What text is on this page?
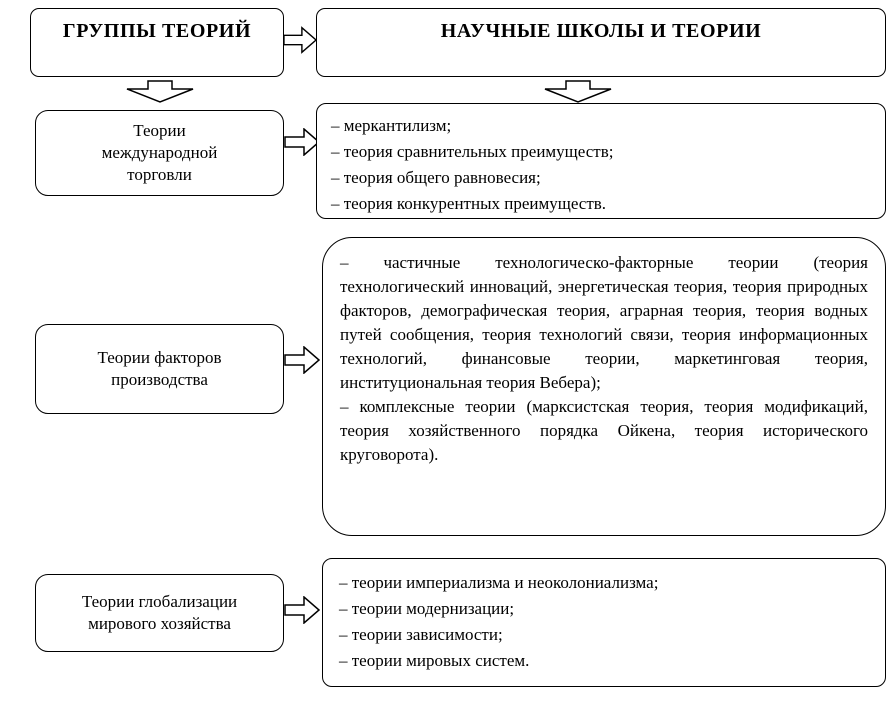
ГРУППЫ ТЕОРИЙ	НАУЧНЫЕ ШКОЛЫ И ТЕОРИИ
Теории международной торговли
– меркантилизм;
– теория сравнительных преимуществ;
– теория общего равновесия;
– теория конкурентных преимуществ.
Теории факторов производства

– частичные технологическо-факторные теории (теория технологический инноваций, энергетическая теория, теория природных факторов, демографическая теория, аграрная теория, теория водных путей сообщения, теория технологий связи, теория информационных технологий, финансовые теории, маркетинговая теория, институциональная теория Вебера);

– комплексные теории (марксистская теория, теория модификаций, теория хозяйственного порядка Ойкена, теория исторического круговорота).

Теории глобализации мирового хозяйства
– теории империализма и неоколониализма;
– теории модернизации;
– теории зависимости;
– теории мировых систем.
